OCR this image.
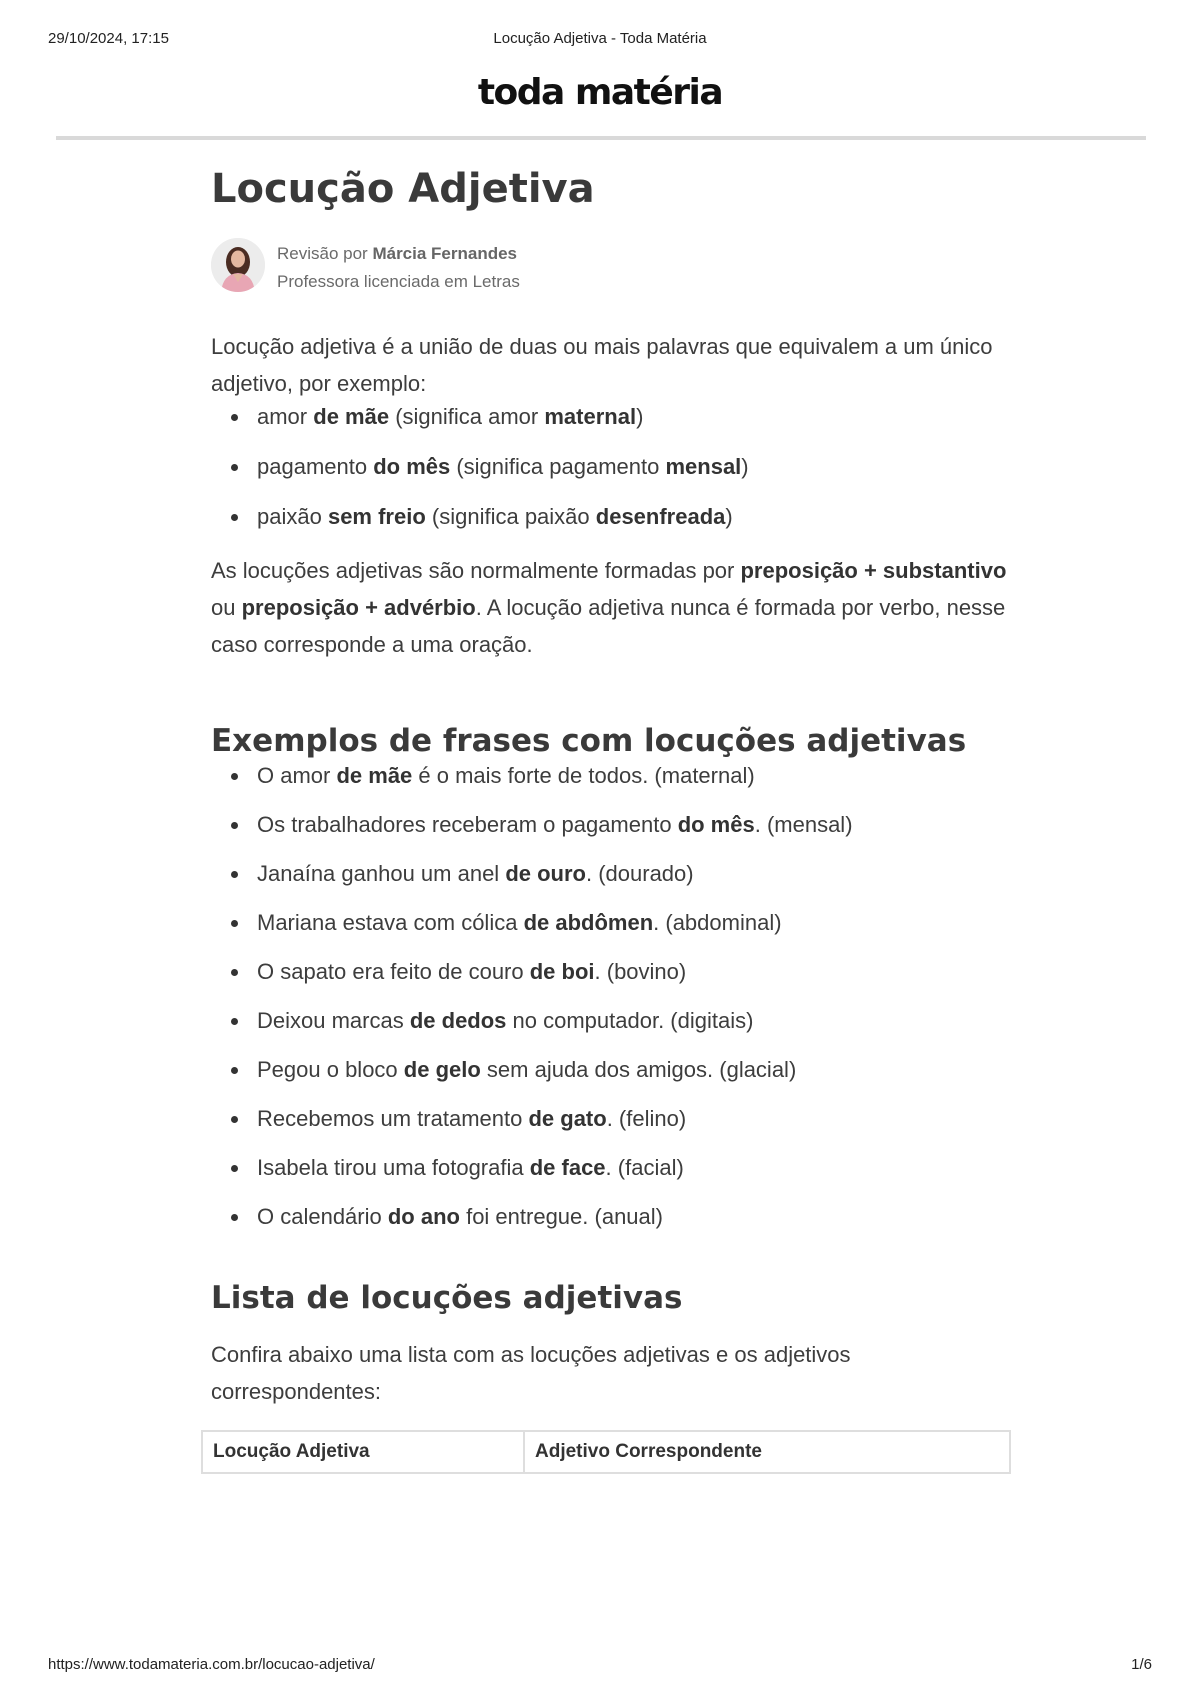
29/10/2024, 17:15	Locução Adjetiva - Toda Matéria
toda matéria
Locução Adjetiva
Revisão por Márcia Fernandes
Professora licenciada em Letras

Locução adjetiva é a união de duas ou mais palavras que equivalem a um único adjetivo, por exemplo:

amor de mãe (significa amor maternal)
pagamento do mês (significa pagamento mensal)
paixão sem freio (significa paixão desenfreada)

As locuções adjetivas são normalmente formadas por preposição + substantivo ou preposição + advérbio. A locução adjetiva nunca é formada por verbo, nesse caso corresponde a uma oração.

Exemplos de frases com locuções adjetivas
O amor de mãe é o mais forte de todos. (maternal)
Os trabalhadores receberam o pagamento do mês. (mensal)
Janaína ganhou um anel de ouro. (dourado)
Mariana estava com cólica de abdômen. (abdominal)
O sapato era feito de couro de boi. (bovino)
Deixou marcas de dedos no computador. (digitais)
Pegou o bloco de gelo sem ajuda dos amigos. (glacial)
Recebemos um tratamento de gato. (felino)
Isabela tirou uma fotografia de face. (facial)
O calendário do ano foi entregue. (anual)
Lista de locuções adjetivas

Confira abaixo uma lista com as locuções adjetivas e os adjetivos correspondentes:

Locução Adjetiva	Adjetivo Correspondente
https://www.todamateria.com.br/locucao-adjetiva/	1/6
